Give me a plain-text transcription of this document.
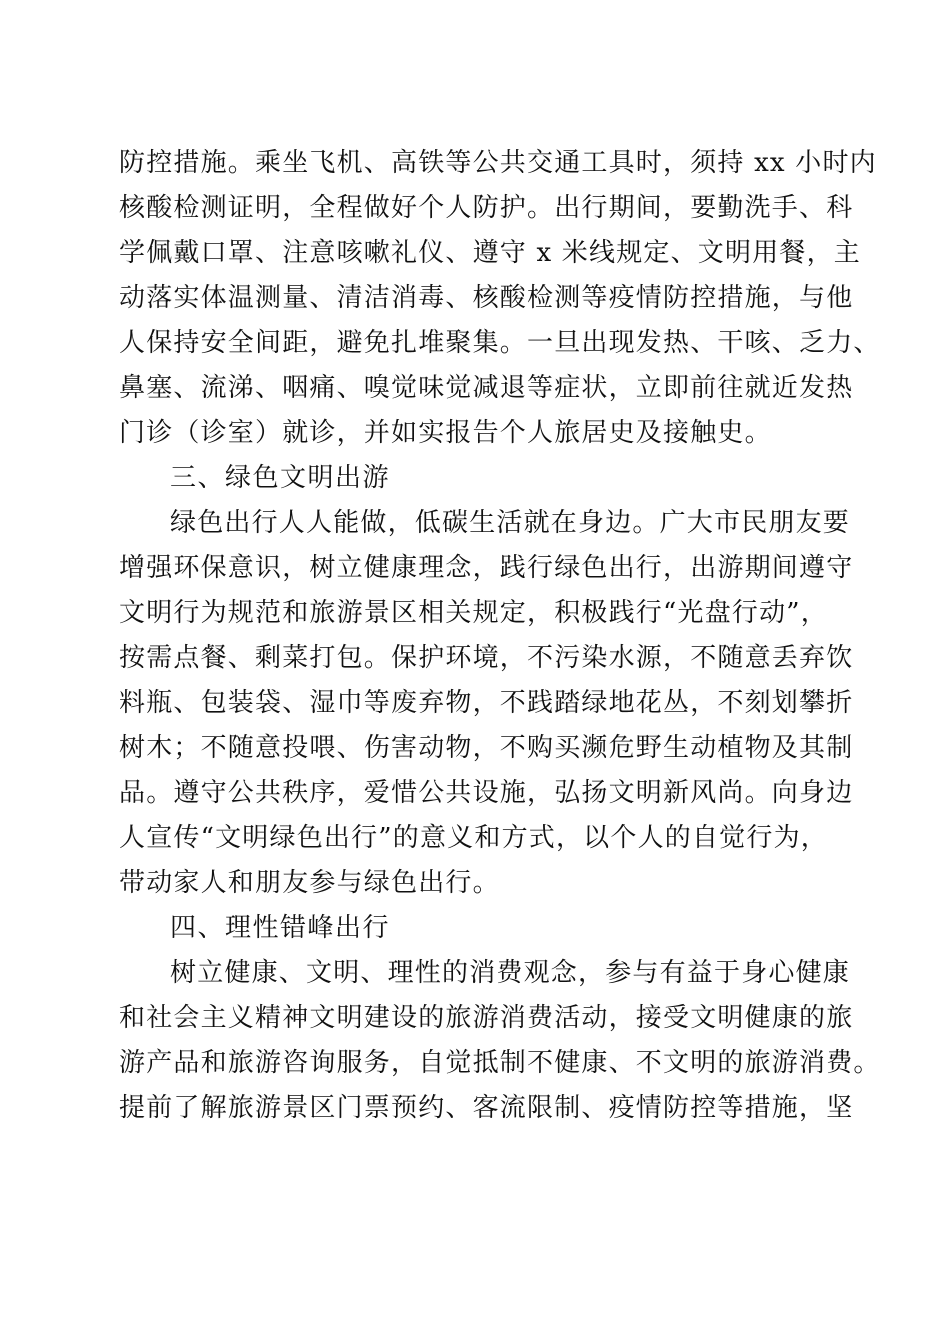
防控措施。乘坐飞机、高铁等公共交通工具时，须持 xx 小时内
核酸检测证明，全程做好个人防护。出行期间，要勤洗手、科
学佩戴口罩、注意咳嗽礼仪、遵守 x 米线规定、文明用餐，主
动落实体温测量、清洁消毒、核酸检测等疫情防控措施，与他
人保持安全间距，避免扎堆聚集。一旦出现发热、干咳、乏力、
鼻塞、流涕、咽痛、嗅觉味觉减退等症状，立即前往就近发热
门诊（诊室）就诊，并如实报告个人旅居史及接触史。
三、绿色文明出游
绿色出行人人能做，低碳生活就在身边。广大市民朋友要
增强环保意识，树立健康理念，践行绿色出行，出游期间遵守
文明行为规范和旅游景区相关规定，积极践行“光盘行动”，
按需点餐、剩菜打包。保护环境，不污染水源，不随意丢弃饮
料瓶、包装袋、湿巾等废弃物，不践踏绿地花丛，不刻划攀折
树木；不随意投喂、伤害动物，不购买濒危野生动植物及其制
品。遵守公共秩序，爱惜公共设施，弘扬文明新风尚。向身边
人宣传“文明绿色出行”的意义和方式，以个人的自觉行为，
带动家人和朋友参与绿色出行。
四、理性错峰出行
树立健康、文明、理性的消费观念，参与有益于身心健康
和社会主义精神文明建设的旅游消费活动，接受文明健康的旅
游产品和旅游咨询服务，自觉抵制不健康、不文明的旅游消费。
提前了解旅游景区门票预约、客流限制、疫情防控等措施，坚
